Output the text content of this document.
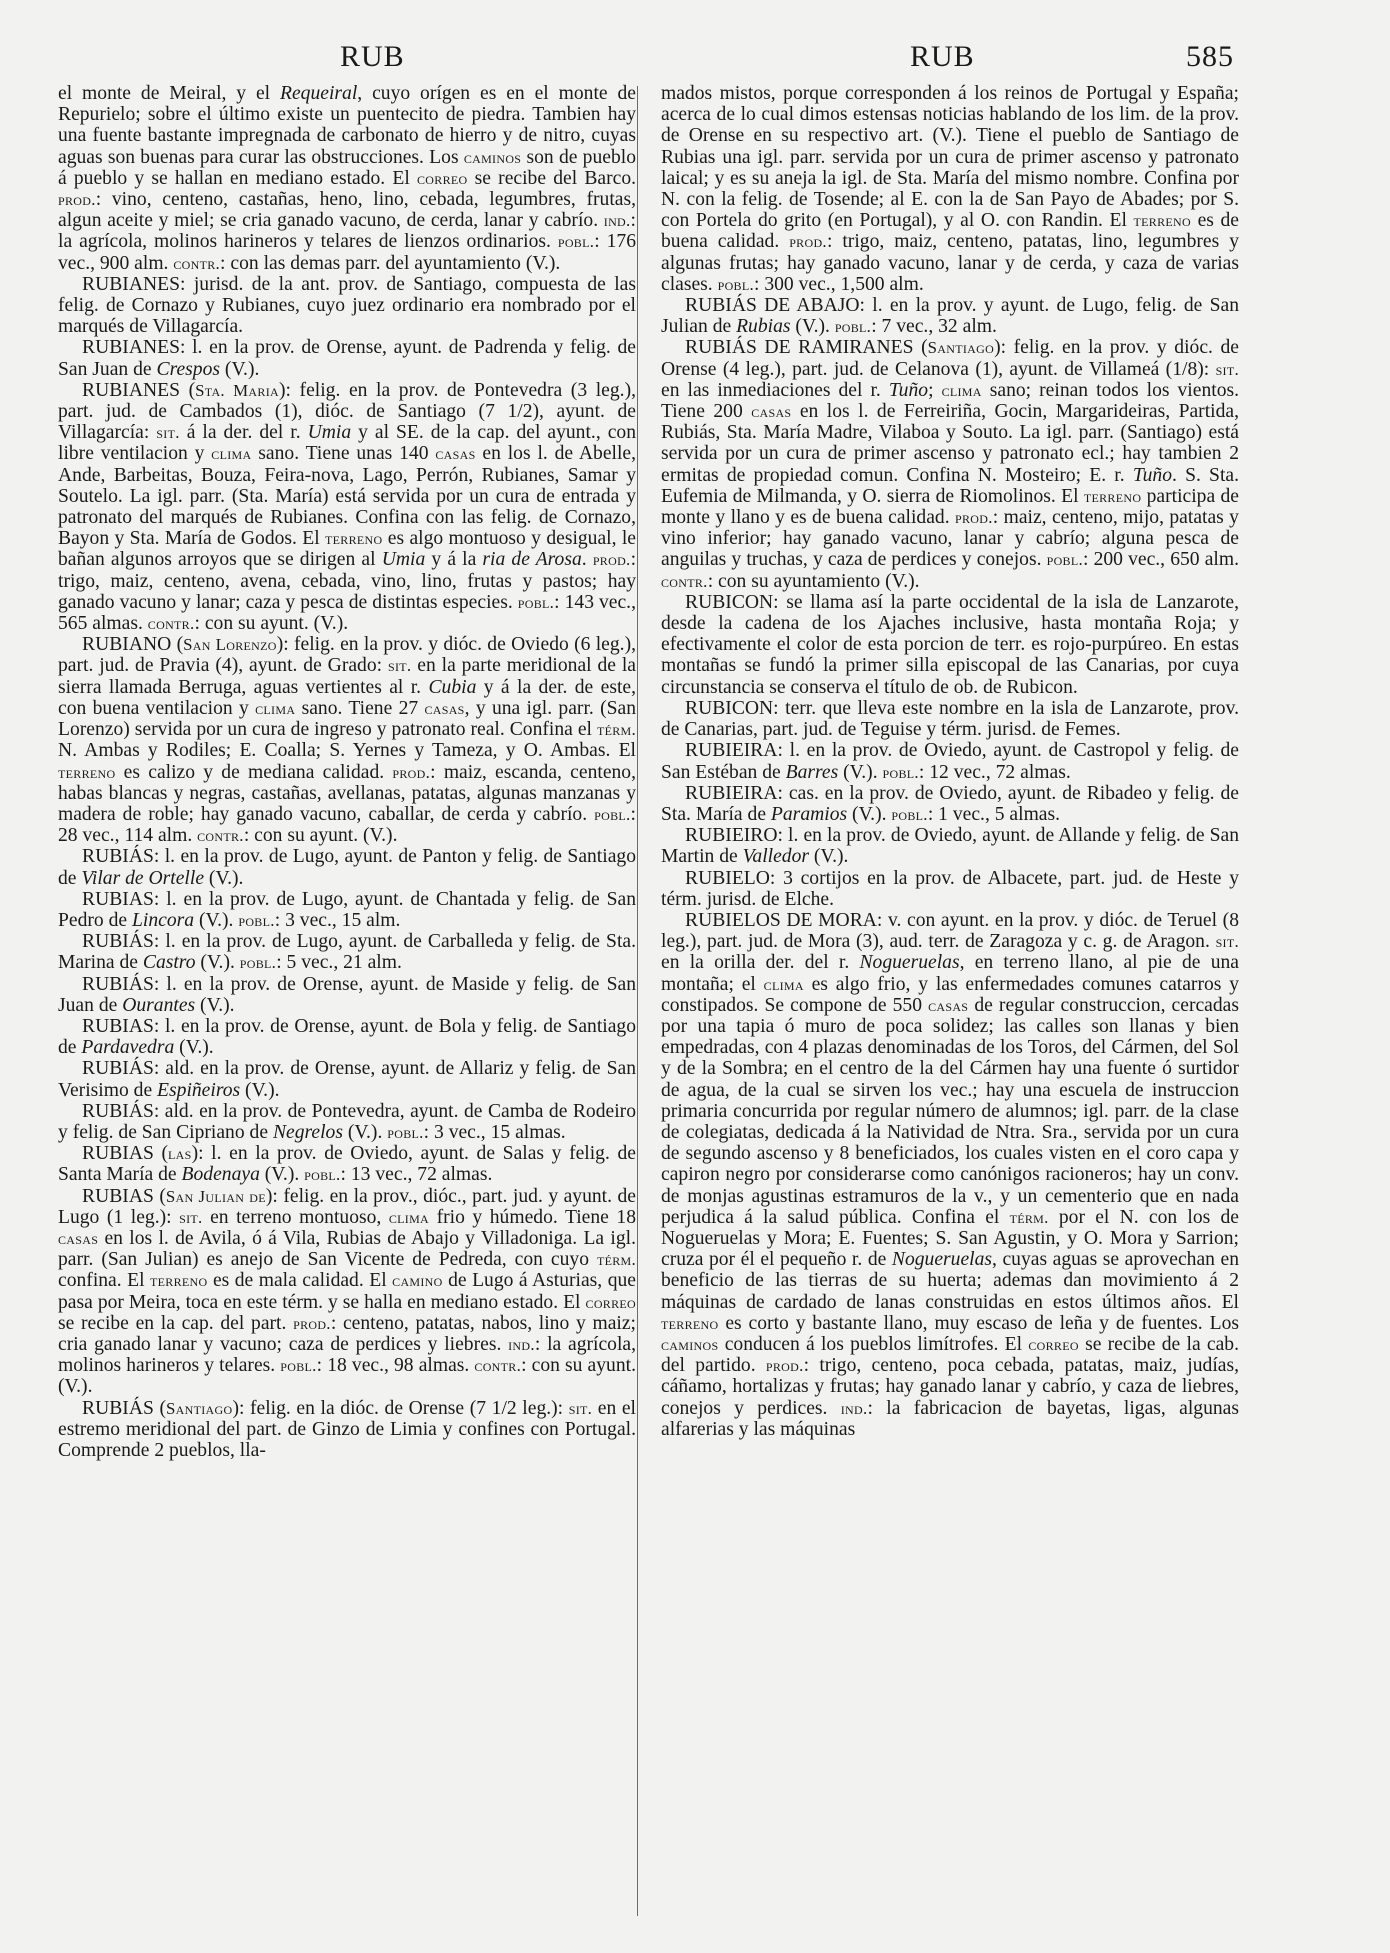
RUB	RUB	585

el monte de Meiral, y el Requeiral, cuyo orígen es en el monte de Repurielo; sobre el último existe un puentecito de piedra. Tambien hay una fuente bastante impregnada de carbonato de hierro y de nitro, cuyas aguas son buenas para curar las obstrucciones. Los caminos son de pueblo á pueblo y se hallan en mediano estado. El correo se recibe del Barco. prod.: vino, centeno, castañas, heno, lino, cebada, legumbres, frutas, algun aceite y miel; se cria ganado vacuno, de cerda, lanar y cabrío. ind.: la agrícola, molinos harineros y telares de lienzos ordinarios. pobl.: 176 vec., 900 alm. contr.: con las demas parr. del ayuntamiento (V.).

RUBIANES: jurisd. de la ant. prov. de Santiago, compuesta de las felig. de Cornazo y Rubianes, cuyo juez ordinario era nombrado por el marqués de Villagarcía.

RUBIANES: l. en la prov. de Orense, ayunt. de Padrenda y felig. de San Juan de Crespos (V.).

RUBIANES (Sta. Maria): felig. en la prov. de Pontevedra (3 leg.), part. jud. de Cambados (1), dióc. de Santiago (7 1/2), ayunt. de Villagarcía: sit. á la der. del r. Umia y al SE. de la cap. del ayunt., con libre ventilacion y clima sano. Tiene unas 140 casas en los l. de Abelle, Ande, Barbeitas, Bouza, Feira-nova, Lago, Perrón, Rubianes, Samar y Soutelo. La igl. parr. (Sta. María) está servida por un cura de entrada y patronato del marqués de Rubianes. Confina con las felig. de Cornazo, Bayon y Sta. María de Godos. El terreno es algo montuoso y desigual, le bañan algunos arroyos que se dirigen al Umia y á la ria de Arosa. prod.: trigo, maiz, centeno, avena, cebada, vino, lino, frutas y pastos; hay ganado vacuno y lanar; caza y pesca de distintas especies. pobl.: 143 vec., 565 almas. contr.: con su ayunt. (V.).

RUBIANO (San Lorenzo): felig. en la prov. y dióc. de Oviedo (6 leg.), part. jud. de Pravia (4), ayunt. de Grado: sit. en la parte meridional de la sierra llamada Berruga, aguas vertientes al r. Cubia y á la der. de este, con buena ventilacion y clima sano. Tiene 27 casas, y una igl. parr. (San Lorenzo) servida por un cura de ingreso y patronato real. Confina el térm. N. Ambas y Rodiles; E. Coalla; S. Yernes y Tameza, y O. Ambas. El terreno es calizo y de mediana calidad. prod.: maiz, escanda, centeno, habas blancas y negras, castañas, avellanas, patatas, algunas manzanas y madera de roble; hay ganado vacuno, caballar, de cerda y cabrío. pobl.: 28 vec., 114 alm. contr.: con su ayunt. (V.).

RUBIÁS: l. en la prov. de Lugo, ayunt. de Panton y felig. de Santiago de Vilar de Ortelle (V.).

RUBIAS: l. en la prov. de Lugo, ayunt. de Chantada y felig. de San Pedro de Lincora (V.). pobl.: 3 vec., 15 alm.

RUBIÁS: l. en la prov. de Lugo, ayunt. de Carballeda y felig. de Sta. Marina de Castro (V.). pobl.: 5 vec., 21 alm.

RUBIÁS: l. en la prov. de Orense, ayunt. de Maside y felig. de San Juan de Ourantes (V.).

RUBIAS: l. en la prov. de Orense, ayunt. de Bola y felig. de Santiago de Pardavedra (V.).

RUBIÁS: ald. en la prov. de Orense, ayunt. de Allariz y felig. de San Verisimo de Espiñeiros (V.).

RUBIÁS: ald. en la prov. de Pontevedra, ayunt. de Camba de Rodeiro y felig. de San Cipriano de Negrelos (V.). pobl.: 3 vec., 15 almas.

RUBIAS (las): l. en la prov. de Oviedo, ayunt. de Salas y felig. de Santa María de Bodenaya (V.). pobl.: 13 vec., 72 almas.

RUBIAS (San Julian de): felig. en la prov., dióc., part. jud. y ayunt. de Lugo (1 leg.): sit. en terreno montuoso, clima frio y húmedo. Tiene 18 casas en los l. de Avila, ó á Vila, Rubias de Abajo y Villadoniga. La igl. parr. (San Julian) es anejo de San Vicente de Pedreda, con cuyo térm. confina. El terreno es de mala calidad. El camino de Lugo á Asturias, que pasa por Meira, toca en este térm. y se halla en mediano estado. El correo se recibe en la cap. del part. prod.: centeno, patatas, nabos, lino y maiz; cria ganado lanar y vacuno; caza de perdices y liebres. ind.: la agrícola, molinos harineros y telares. pobl.: 18 vec., 98 almas. contr.: con su ayunt. (V.).

RUBIÁS (Santiago): felig. en la dióc. de Orense (7 1/2 leg.): sit. en el estremo meridional del part. de Ginzo de Limia y confines con Portugal. Comprende 2 pueblos, lla-

mados mistos, porque corresponden á los reinos de Portugal y España; acerca de lo cual dimos estensas noticias hablando de los lim. de la prov. de Orense en su respectivo art. (V.). Tiene el pueblo de Santiago de Rubias una igl. parr. servida por un cura de primer ascenso y patronato laical; y es su aneja la igl. de Sta. María del mismo nombre. Confina por N. con la felig. de Tosende; al E. con la de San Payo de Abades; por S. con Portela do grito (en Portugal), y al O. con Randin. El terreno es de buena calidad. prod.: trigo, maiz, centeno, patatas, lino, legumbres y algunas frutas; hay ganado vacuno, lanar y de cerda, y caza de varias clases. pobl.: 300 vec., 1,500 alm.

RUBIÁS DE ABAJO: l. en la prov. y ayunt. de Lugo, felig. de San Julian de Rubias (V.). pobl.: 7 vec., 32 alm.

RUBIÁS DE RAMIRANES (Santiago): felig. en la prov. y dióc. de Orense (4 leg.), part. jud. de Celanova (1), ayunt. de Villameá (1/8): sit. en las inmediaciones del r. Tuño; clima sano; reinan todos los vientos. Tiene 200 casas en los l. de Ferreiriña, Gocin, Margarideiras, Partida, Rubiás, Sta. María Madre, Vilaboa y Souto. La igl. parr. (Santiago) está servida por un cura de primer ascenso y patronato ecl.; hay tambien 2 ermitas de propiedad comun. Confina N. Mosteiro; E. r. Tuño. S. Sta. Eufemia de Milmanda, y O. sierra de Riomolinos. El terreno participa de monte y llano y es de buena calidad. prod.: maiz, centeno, mijo, patatas y vino inferior; hay ganado vacuno, lanar y cabrío; alguna pesca de anguilas y truchas, y caza de perdices y conejos. pobl.: 200 vec., 650 alm. contr.: con su ayuntamiento (V.).

RUBICON: se llama así la parte occidental de la isla de Lanzarote, desde la cadena de los Ajaches inclusive, hasta montaña Roja; y efectivamente el color de esta porcion de terr. es rojo-purpúreo. En estas montañas se fundó la primer silla episcopal de las Canarias, por cuya circunstancia se conserva el título de ob. de Rubicon.

RUBICON: terr. que lleva este nombre en la isla de Lanzarote, prov. de Canarias, part. jud. de Teguise y térm. jurisd. de Femes.

RUBIEIRA: l. en la prov. de Oviedo, ayunt. de Castropol y felig. de San Estéban de Barres (V.). pobl.: 12 vec., 72 almas.

RUBIEIRA: cas. en la prov. de Oviedo, ayunt. de Ribadeo y felig. de Sta. María de Paramios (V.). pobl.: 1 vec., 5 almas.

RUBIEIRO: l. en la prov. de Oviedo, ayunt. de Allande y felig. de San Martin de Valledor (V.).

RUBIELO: 3 cortijos en la prov. de Albacete, part. jud. de Heste y térm. jurisd. de Elche.

RUBIELOS DE MORA: v. con ayunt. en la prov. y dióc. de Teruel (8 leg.), part. jud. de Mora (3), aud. terr. de Zaragoza y c. g. de Aragon. sit. en la orilla der. del r. Nogueruelas, en terreno llano, al pie de una montaña; el clima es algo frio, y las enfermedades comunes catarros y constipados. Se compone de 550 casas de regular construccion, cercadas por una tapia ó muro de poca solidez; las calles son llanas y bien empedradas, con 4 plazas denominadas de los Toros, del Cármen, del Sol y de la Sombra; en el centro de la del Cármen hay una fuente ó surtidor de agua, de la cual se sirven los vec.; hay una escuela de instruccion primaria concurrida por regular número de alumnos; igl. parr. de la clase de colegiatas, dedicada á la Natividad de Ntra. Sra., servida por un cura de segundo ascenso y 8 beneficiados, los cuales visten en el coro capa y capiron negro por considerarse como canónigos racioneros; hay un conv. de monjas agustinas estramuros de la v., y un cementerio que en nada perjudica á la salud pública. Confina el térm. por el N. con los de Nogueruelas y Mora; E. Fuentes; S. San Agustin, y O. Mora y Sarrion; cruza por él el pequeño r. de Nogueruelas, cuyas aguas se aprovechan en beneficio de las tierras de su huerta; ademas dan movimiento á 2 máquinas de cardado de lanas construidas en estos últimos años. El terreno es corto y bastante llano, muy escaso de leña y de fuentes. Los caminos conducen á los pueblos limítrofes. El correo se recibe de la cab. del partido. prod.: trigo, centeno, poca cebada, patatas, maiz, judías, cáñamo, hortalizas y frutas; hay ganado lanar y cabrío, y caza de liebres, conejos y perdices. ind.: la fabricacion de bayetas, ligas, algunas alfarerias y las máquinas
